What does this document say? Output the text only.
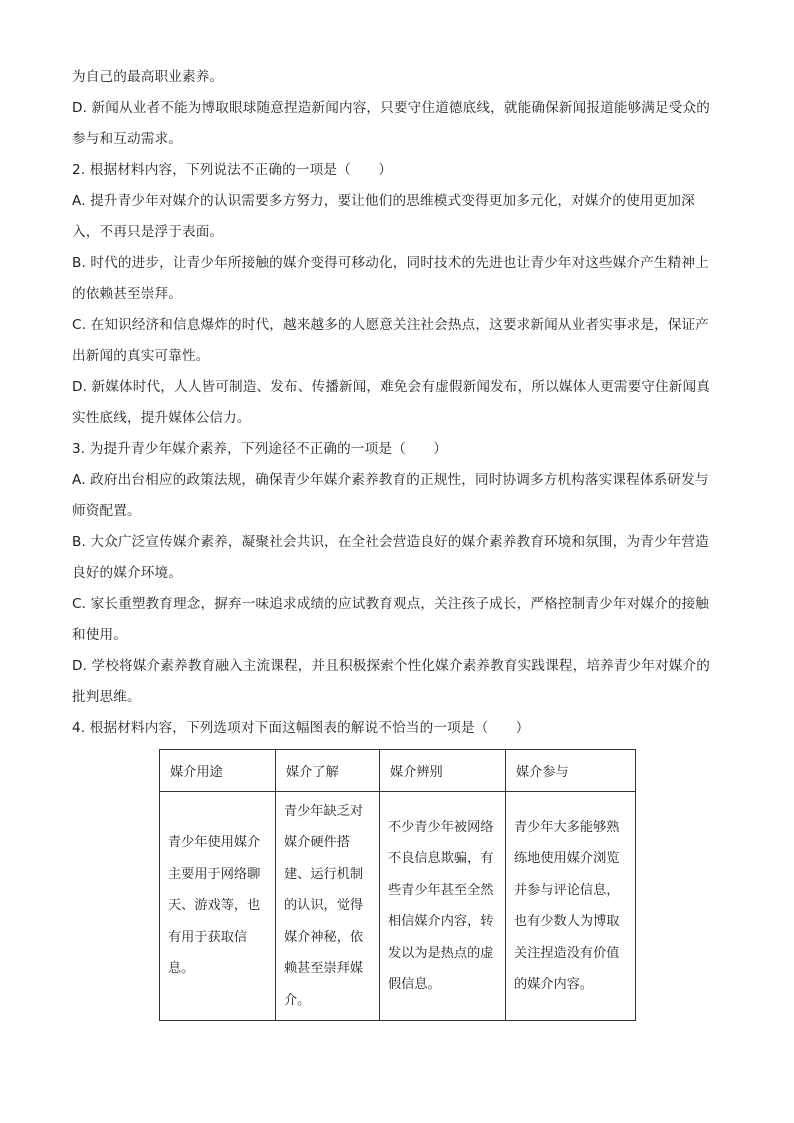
为自己的最高职业素养。

D. 新闻从业者不能为博取眼球随意捏造新闻内容，只要守住道德底线，就能确保新闻报道能够满足受众的参与和互动需求。

2. 根据材料内容，下列说法不正确的一项是（　　）

A. 提升青少年对媒介的认识需要多方努力，要让他们的思维模式变得更加多元化，对媒介的使用更加深入，不再只是浮于表面。

B. 时代的进步，让青少年所接触的媒介变得可移动化，同时技术的先进也让青少年对这些媒介产生精神上的依赖甚至崇拜。

C. 在知识经济和信息爆炸的时代，越来越多的人愿意关注社会热点，这要求新闻从业者实事求是，保证产出新闻的真实可靠性。

D. 新媒体时代，人人皆可制造、发布、传播新闻，难免会有虚假新闻发布，所以媒体人更需要守住新闻真实性底线，提升媒体公信力。

3. 为提升青少年媒介素养，下列途径不正确的一项是（　　）

A. 政府出台相应的政策法规，确保青少年媒介素养教育的正规性，同时协调多方机构落实课程体系研发与师资配置。

B. 大众广泛宣传媒介素养，凝聚社会共识，在全社会营造良好的媒介素养教育环境和氛围，为青少年营造良好的媒介环境。

C. 家长重塑教育理念，摒弃一味追求成绩的应试教育观点，关注孩子成长，严格控制青少年对媒介的接触和使用。

D. 学校将媒介素养教育融入主流课程，并且积极探索个性化媒介素养教育实践课程，培养青少年对媒介的批判思维。

4. 根据材料内容，下列选项对下面这幅图表的解说不恰当的一项是（　　）

媒介用途	媒介了解	媒介辨别	媒介参与
青少年使用媒介主要用于网络聊天、游戏等，也有用于获取信息。	青少年缺乏对媒介硬件搭建、运行机制的认识，觉得媒介神秘，依赖甚至崇拜媒介。	不少青少年被网络不良信息欺骗，有些青少年甚至全然相信媒介内容，转发以为是热点的虚假信息。	青少年大多能够熟练地使用媒介浏览并参与评论信息，也有少数人为博取关注捏造没有价值的媒介内容。
